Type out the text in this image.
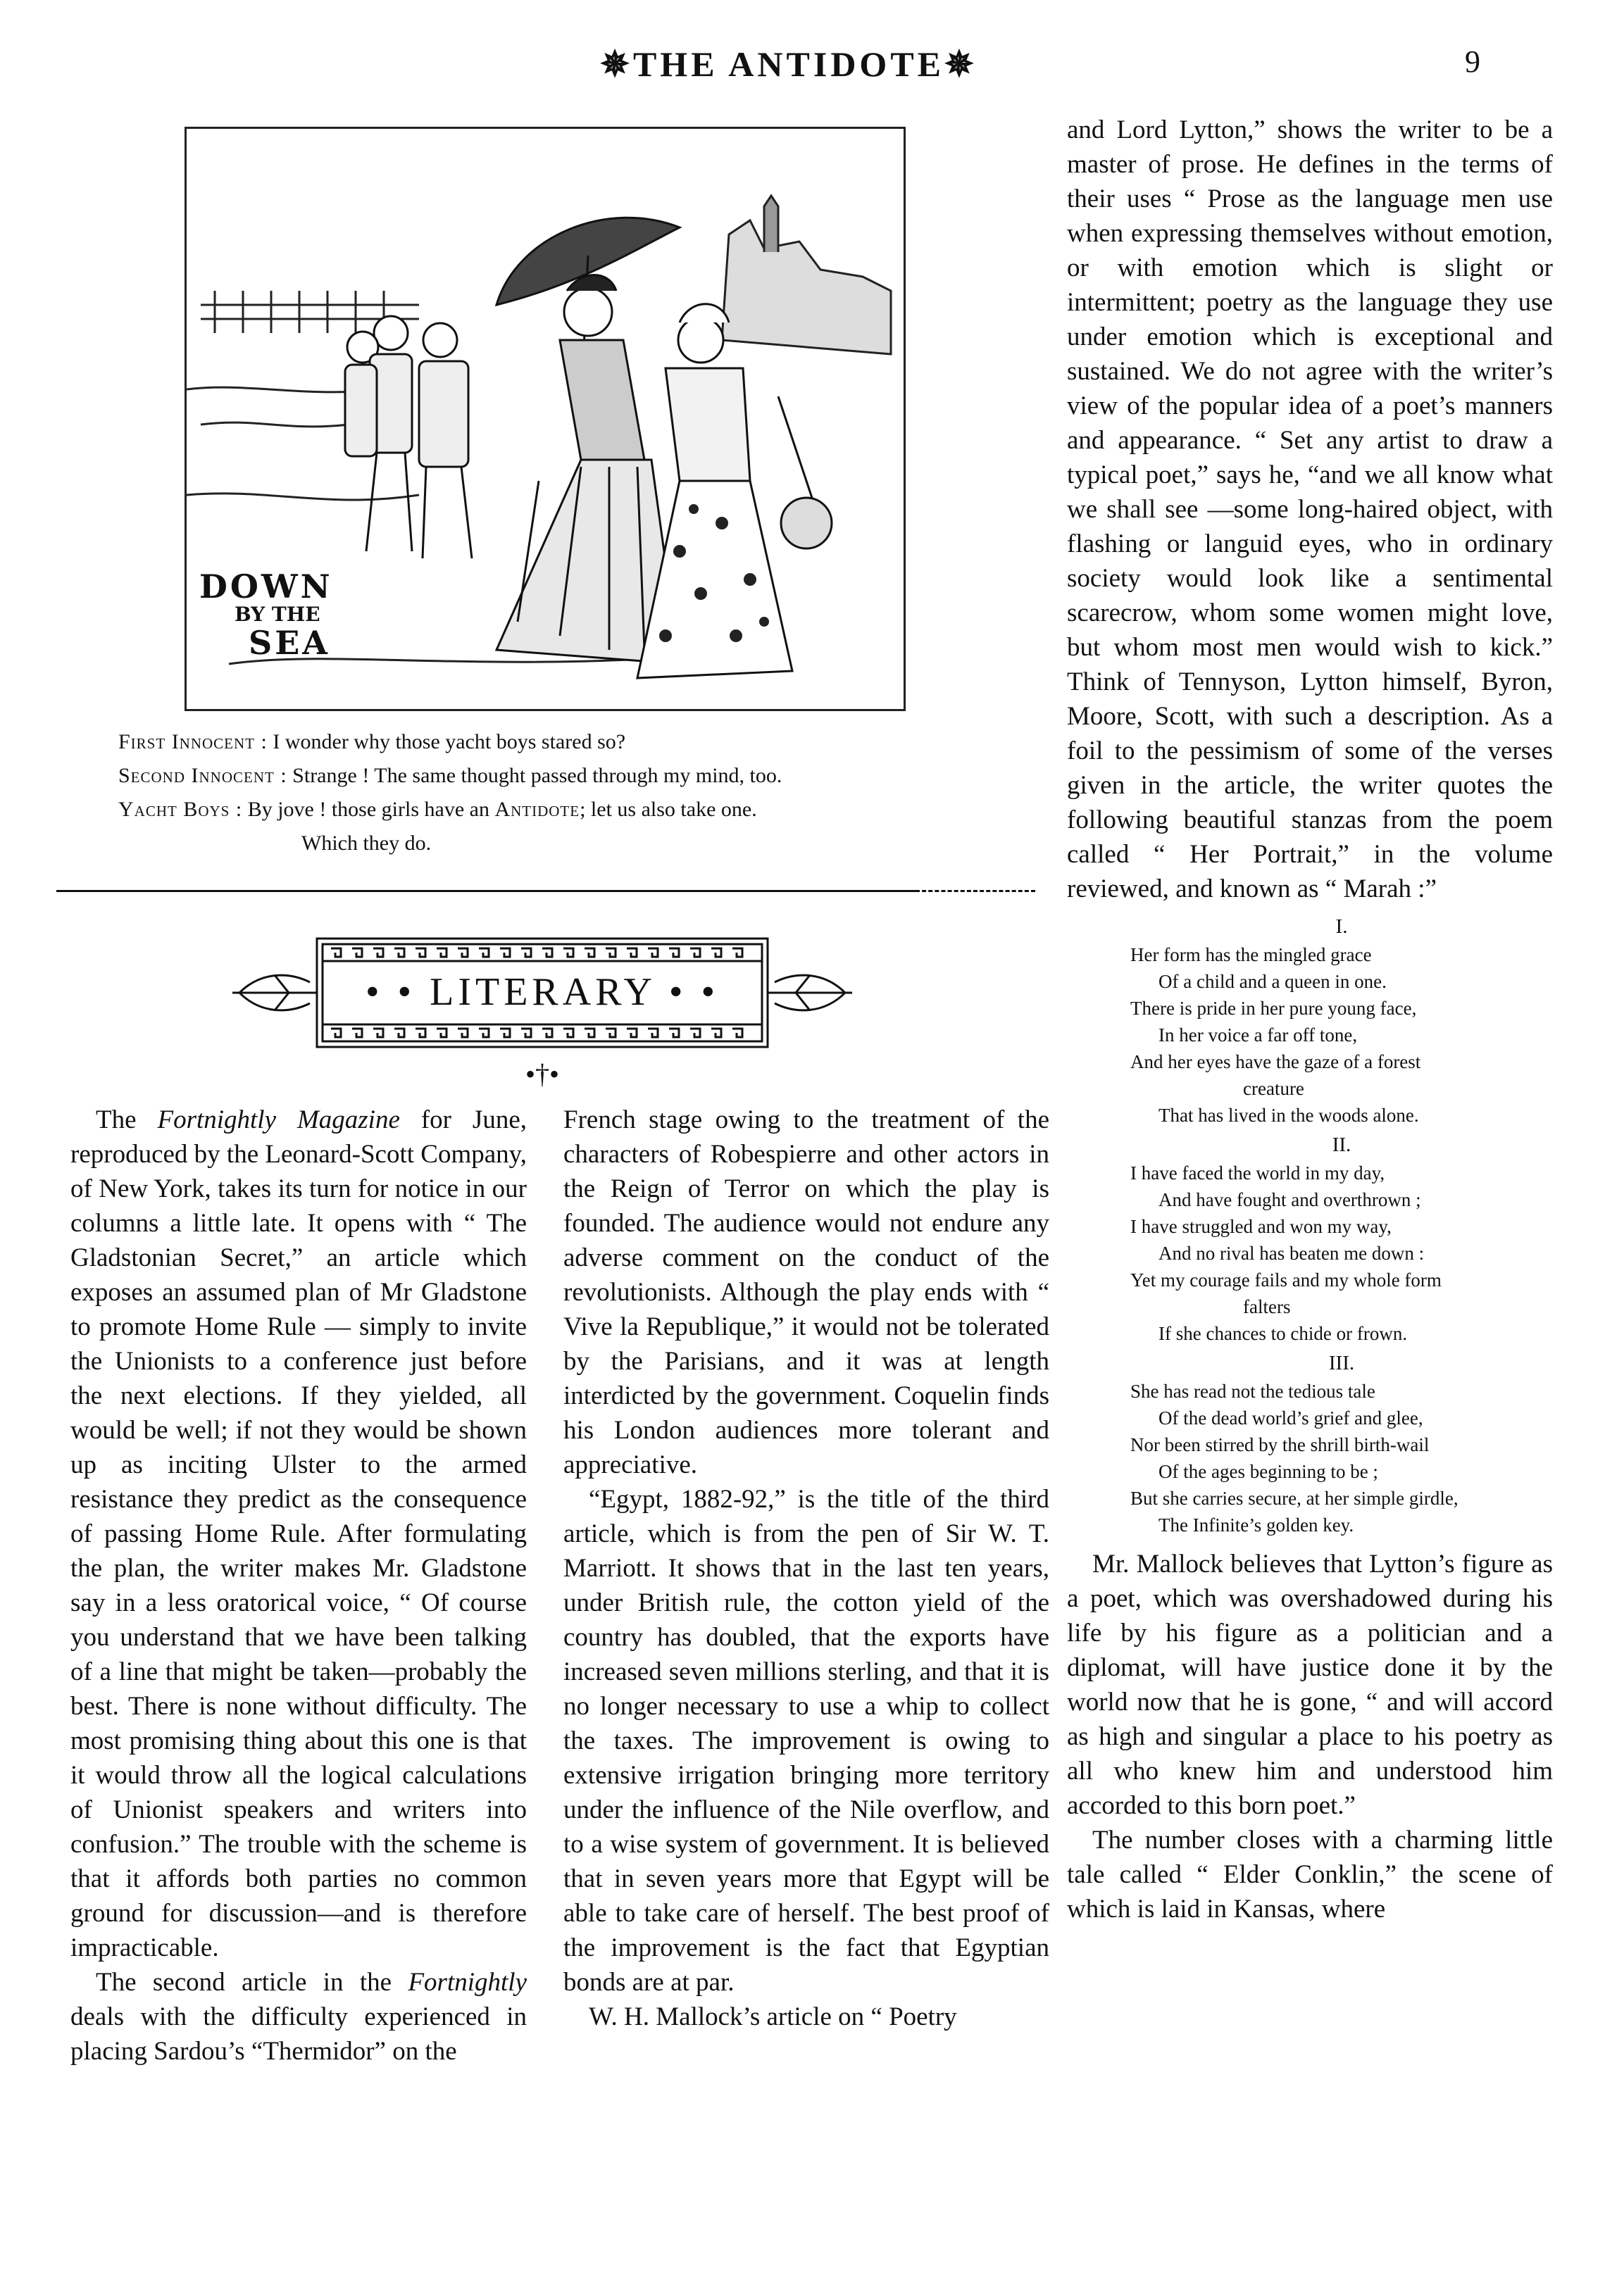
✵THE ANTIDOTE✵	9
DOWN
BY THE
SEA
First Innocent : I wonder why those yacht boys stared so?
Second Innocent : Strange ! The same thought passed through my mind, too.
Yacht Boys : By jove ! those girls have an Antidote; let us also take one.
Which they do.
• • LITERARY • •
•†•

The Fortnightly Magazine for June, reproduced by the Leonard-Scott Company, of New York, takes its turn for notice in our columns a little late. It opens with “ The Gladstonian Secret,” an article which exposes an assumed plan of Mr Gladstone to promote Home Rule — simply to invite the Unionists to a conference just before the next elections. If they yielded, all would be well; if not they would be shown up as inciting Ulster to the armed resistance they predict as the consequence of passing Home Rule. After formulating the plan, the writer makes Mr. Gladstone say in a less oratorical voice, “ Of course you understand that we have been talking of a line that might be taken—probably the best. There is none without difficulty. The most promising thing about this one is that it would throw all the logical calculations of Unionist speakers and writers into confusion.” The trouble with the scheme is that it affords both parties no common ground for discussion—and is therefore impracticable.

The second article in the Fortnightly deals with the difficulty experienced in placing Sardou’s “Thermidor” on the

French stage owing to the treatment of the characters of Robespierre and other actors in the Reign of Terror on which the play is founded. The audience would not endure any adverse comment on the conduct of the revolutionists. Although the play ends with “ Vive la Republique,” it would not be tolerated by the Parisians, and it was at length interdicted by the government. Coquelin finds his London audiences more tolerant and appreciative.

“Egypt, 1882-92,” is the title of the third article, which is from the pen of Sir W. T. Marriott. It shows that in the last ten years, under British rule, the cotton yield of the country has doubled, that the exports have increased seven millions sterling, and that it is no longer necessary to use a whip to collect the taxes. The improvement is owing to extensive irrigation bringing more territory under the influence of the Nile overflow, and to a wise system of government. It is believed that in seven years more that Egypt will be able to take care of herself. The best proof of the improvement is the fact that Egyptian bonds are at par.

W. H. Mallock’s article on “ Poetry

and Lord Lytton,” shows the writer to be a master of prose. He defines in the terms of their uses “ Prose as the language men use when expressing themselves without emotion, or with emotion which is slight or intermittent; poetry as the language they use under emotion which is exceptional and sustained. We do not agree with the writer’s view of the popular idea of a poet’s manners and appearance. “ Set any artist to draw a typical poet,” says he, “and we all know what we shall see —some long-haired object, with flashing or languid eyes, who in ordinary society would look like a sentimental scarecrow, whom some women might love, but whom most men would wish to kick.” Think of Tennyson, Lytton himself, Byron, Moore, Scott, with such a description. As a foil to the pessimism of some of the verses given in the article, the writer quotes the following beautiful stanzas from the poem called “ Her Portrait,” in the volume reviewed, and known as “ Marah :”

I.
Her form has the mingled grace
Of a child and a queen in one.
There is pride in her pure young face,
In her voice a far off tone,
And her eyes have the gaze of a forest
creature
That has lived in the woods alone.
II.
I have faced the world in my day,
And have fought and overthrown ;
I have struggled and won my way,
And no rival has beaten me down :
Yet my courage fails and my whole form
falters
If she chances to chide or frown.
III.
She has read not the tedious tale
Of the dead world’s grief and glee,
Nor been stirred by the shrill birth-wail
Of the ages beginning to be ;
But she carries secure, at her simple girdle,
The Infinite’s golden key.

Mr. Mallock believes that Lytton’s figure as a poet, which was overshadowed during his life by his figure as a politician and a diplomat, will have justice done it by the world now that he is gone, “ and will accord as high and singular a place to his poetry as all who knew him and understood him accorded to this born poet.”

The number closes with a charming little tale called “ Elder Conklin,” the scene of which is laid in Kansas, where
